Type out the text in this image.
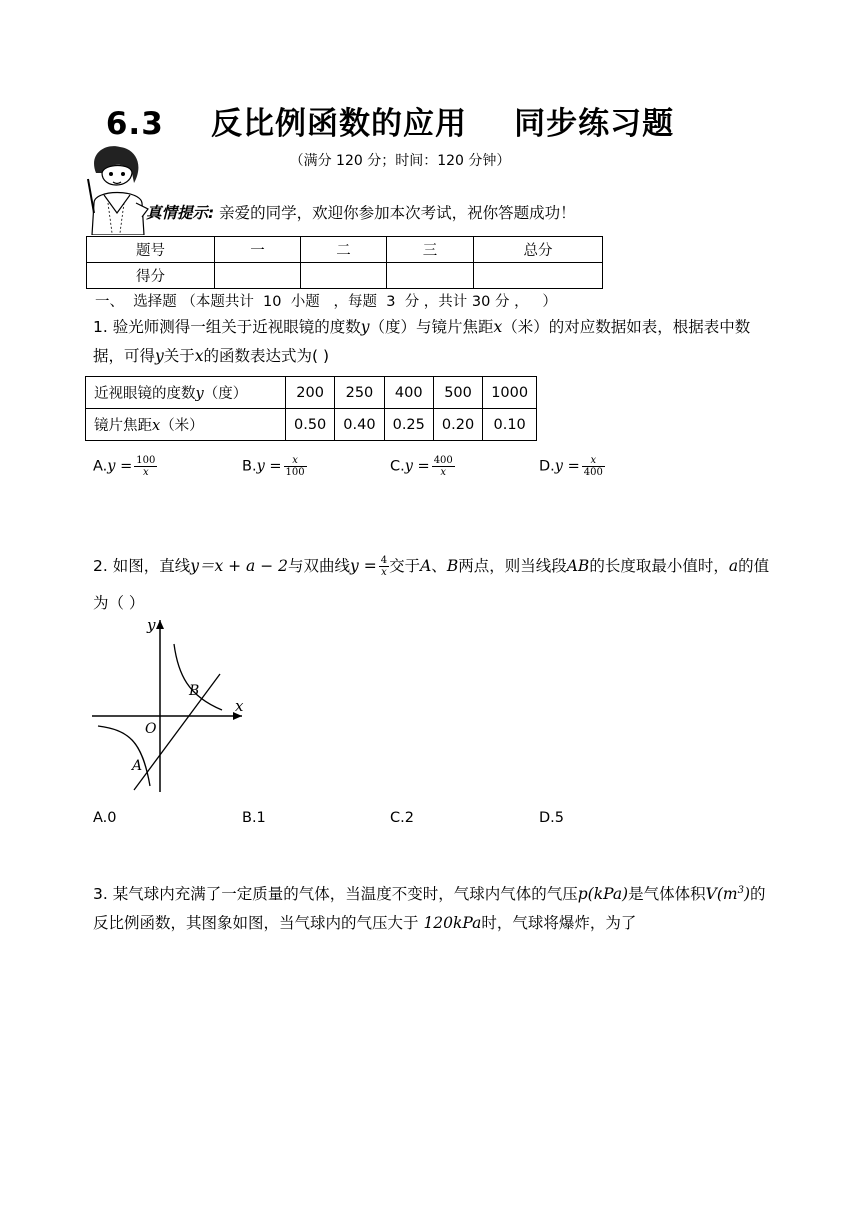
6.3    反比例函数的应用    同步练习题
（满分 120 分；时间：120 分钟）
真情提示: 亲爱的同学，欢迎你参加本次考试，祝你答题成功！
题号	一	二	三	总分
得分				
一、  选择题 （本题共计  10  小题   ，每题  3  分 ，共计 30 分 ，   ）
1. 验光师测得一组关于近视眼镜的度数y（度）与镜片焦距x（米）的对应数据如表，根据表中数据，可得y关于x的函数表达式为( )
近视眼镜的度数y（度）	200	250	400	500	1000
镜片焦距x（米）	0.50	0.40	0.25	0.20	0.10
$A.y = \frac{100}{x}$	$B.y = \frac{x}{100}$	$C.y = \frac{400}{x}$	$D.y = \frac{x}{400}$
2. 如图，直线y＝x + a − 2与双曲线$y = \frac{4}{x}$ 交于A、B两点，则当线段AB的长度取最小值时，a的值为（ ）
y
x
O
A
B
A.0	B.1	C.2	D.5
3. 某气球内充满了一定质量的气体，当温度不变时，气球内气体的气压p(kPa)是气体体积$V(m^3)$的反比例函数，其图象如图，当气球内的气压大于 120kPa时，气球将爆炸，为了
